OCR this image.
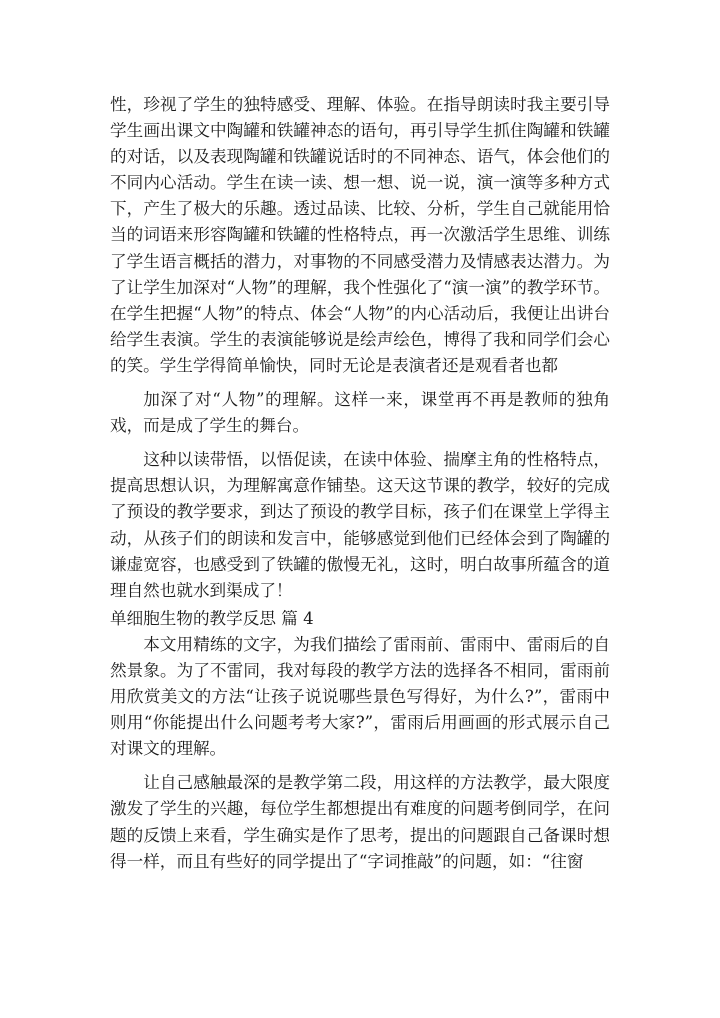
性，珍视了学生的独特感受、理解、体验。在指导朗读时我主要引导学生画出课文中陶罐和铁罐神态的语句，再引导学生抓住陶罐和铁罐的对话，以及表现陶罐和铁罐说话时的不同神态、语气，体会他们的不同内心活动。学生在读一读、想一想、说一说，演一演等多种方式下，产生了极大的乐趣。透过品读、比较、分析，学生自己就能用恰当的词语来形容陶罐和铁罐的性格特点，再一次激活学生思维、训练了学生语言概括的潜力，对事物的不同感受潜力及情感表达潜力。为了让学生加深对“人物”的理解，我个性强化了“演一演”的教学环节。在学生把握“人物”的特点、体会“人物”的内心活动后，我便让出讲台给学生表演。学生的表演能够说是绘声绘色，博得了我和同学们会心的笑。学生学得简单愉快，同时无论是表演者还是观看者也都

加深了对“人物”的理解。这样一来，课堂再不再是教师的独角戏，而是成了学生的舞台。

这种以读带悟，以悟促读，在读中体验、揣摩主角的性格特点，提高思想认识，为理解寓意作铺垫。这天这节课的教学，较好的完成了预设的教学要求，到达了预设的教学目标，孩子们在课堂上学得主动，从孩子们的朗读和发言中，能够感觉到他们已经体会到了陶罐的谦虚宽容，也感受到了铁罐的傲慢无礼，这时，明白故事所蕴含的道理自然也就水到渠成了！

单细胞生物的教学反思 篇 4

本文用精练的文字，为我们描绘了雷雨前、雷雨中、雷雨后的自然景象。为了不雷同，我对每段的教学方法的选择各不相同，雷雨前用欣赏美文的方法“让孩子说说哪些景色写得好，为什么?”，雷雨中则用“你能提出什么问题考考大家?”，雷雨后用画画的形式展示自己对课文的理解。

让自己感触最深的是教学第二段，用这样的方法教学，最大限度激发了学生的兴趣，每位学生都想提出有难度的问题考倒同学，在问题的反馈上来看，学生确实是作了思考，提出的问题跟自己备课时想得一样，而且有些好的同学提出了“字词推敲”的问题，如：“往窗
